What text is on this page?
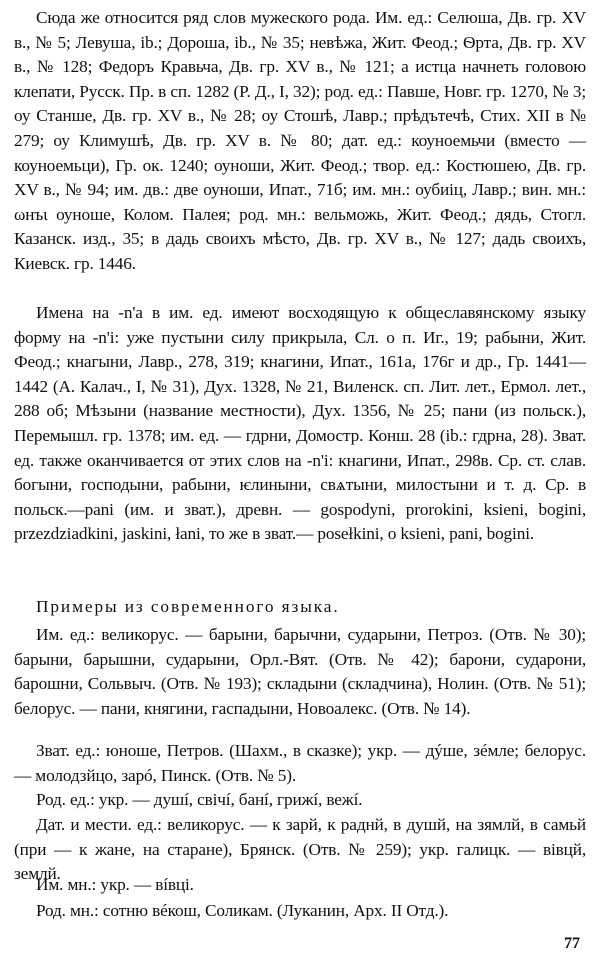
Сюда же относится ряд слов мужеского рода. Им. ед.: Селюша, Дв. гр. XV в., № 5; Левуша, ib.; Дороша, ib., № 35; невѣжа, Жит. Феод.; Ѳрта, Дв. гр. XV в., № 128; Федоръ Кравьча, Дв. гр. XV в., № 121; а истца начнеть головою клепати, Русск. Пр. в сп. 1282 (Р. Д., I, 32); род. ед.: Павше, Новг. гр. 1270, № 3; оу Станше, Дв. гр. XV в., № 28; оу Стошѣ, Лавр.; прѣдътечѣ, Стих. XII в № 279; оу Климушѣ, Дв. гр. XV в. № 80; дат. ед.: коуноемьчи (вместо — коуноемьци), Гр. ок. 1240; оуноши, Жит. Феод.; твор. ед.: Костюшею, Дв. гр. XV в., № 94; им. дв.: две оуноши, Ипат., 71б; им. мн.: оубиіц, Лавр.; вин. мн.: ωнъι оуноше, Колом. Палея; род. мн.: вельможь, Жит. Феод.; дядь, Стогл. Казанск. изд., 35; в дадь своихъ мѣсто, Дв. гр. XV в., № 127; дадь своихъ, Киевск. гр. 1446.

Имена на -n'a в им. ед. имеют восходящую к общеславянскому языку форму на -n'i: уже пустыни силу прикрыла, Сл. о п. Иг., 19; рабыни, Жит. Феод.; кнагыни, Лавр., 278, 319; кнагини, Ипат., 161а, 176г и др., Гр. 1441—1442 (А. Калач., I, № 31), Дух. 1328, № 21, Виленск. сп. Лит. лет., Ермол. лет., 288 об; Мѣзыни (название местности), Дух. 1356, № 25; пани (из польск.), Перемышл. гр. 1378; им. ед. — гдрни, Домостр. Конш. 28 (ib.: гдрна, 28). Зват. ед. также оканчивается от этих слов на -n'i: кнагини, Ипат., 298в. Ср. ст. слав. богыни, господыни, рабыни, ѥлиныни, свѧтыни, милостыни и т. д. Ср. в польск.—pani (им. и зват.), древн. — gospodyni, prorokini, ksieni, bogini, przezdziadkini, jaskini, łani, то же в зват.— posełkini, o ksieni, pani, bogini.

Примеры из современного языка.

Им. ед.: великорус. — барыни, барычни, сударыни, Петроз. (Отв. № 30); барыни, барышни, сударыни, Орл.-Вят. (Отв. № 42); барони, сударони, барошни, Сольвыч. (Отв. № 193); складыни (складчина), Нолин. (Отв. № 51); белорус. — пани, княгини, гаспадыни, Новоалекс. (Отв. № 14).

Зват. ед.: юноше, Петров. (Шахм., в сказке); укр. — дýше, зéмле; белорус. — молодзйцо, зарó, Пинск. (Отв. № 5).

Род. ед.: укр. — душí, свiчí, банí, грижí, вежí.

Дат. и мести. ед.: великорус. — к зарй, к раднй, в душй, на зямлй, в самьй (при — к жане, на старане), Брянск. (Отв. № 259); укр. галицк. — вiвцй, землй.

Им. мн.: укр. — вíвцi.

Род. мн.: сотню вéкош, Соликам. (Луканин, Арх. II Отд.).

77
